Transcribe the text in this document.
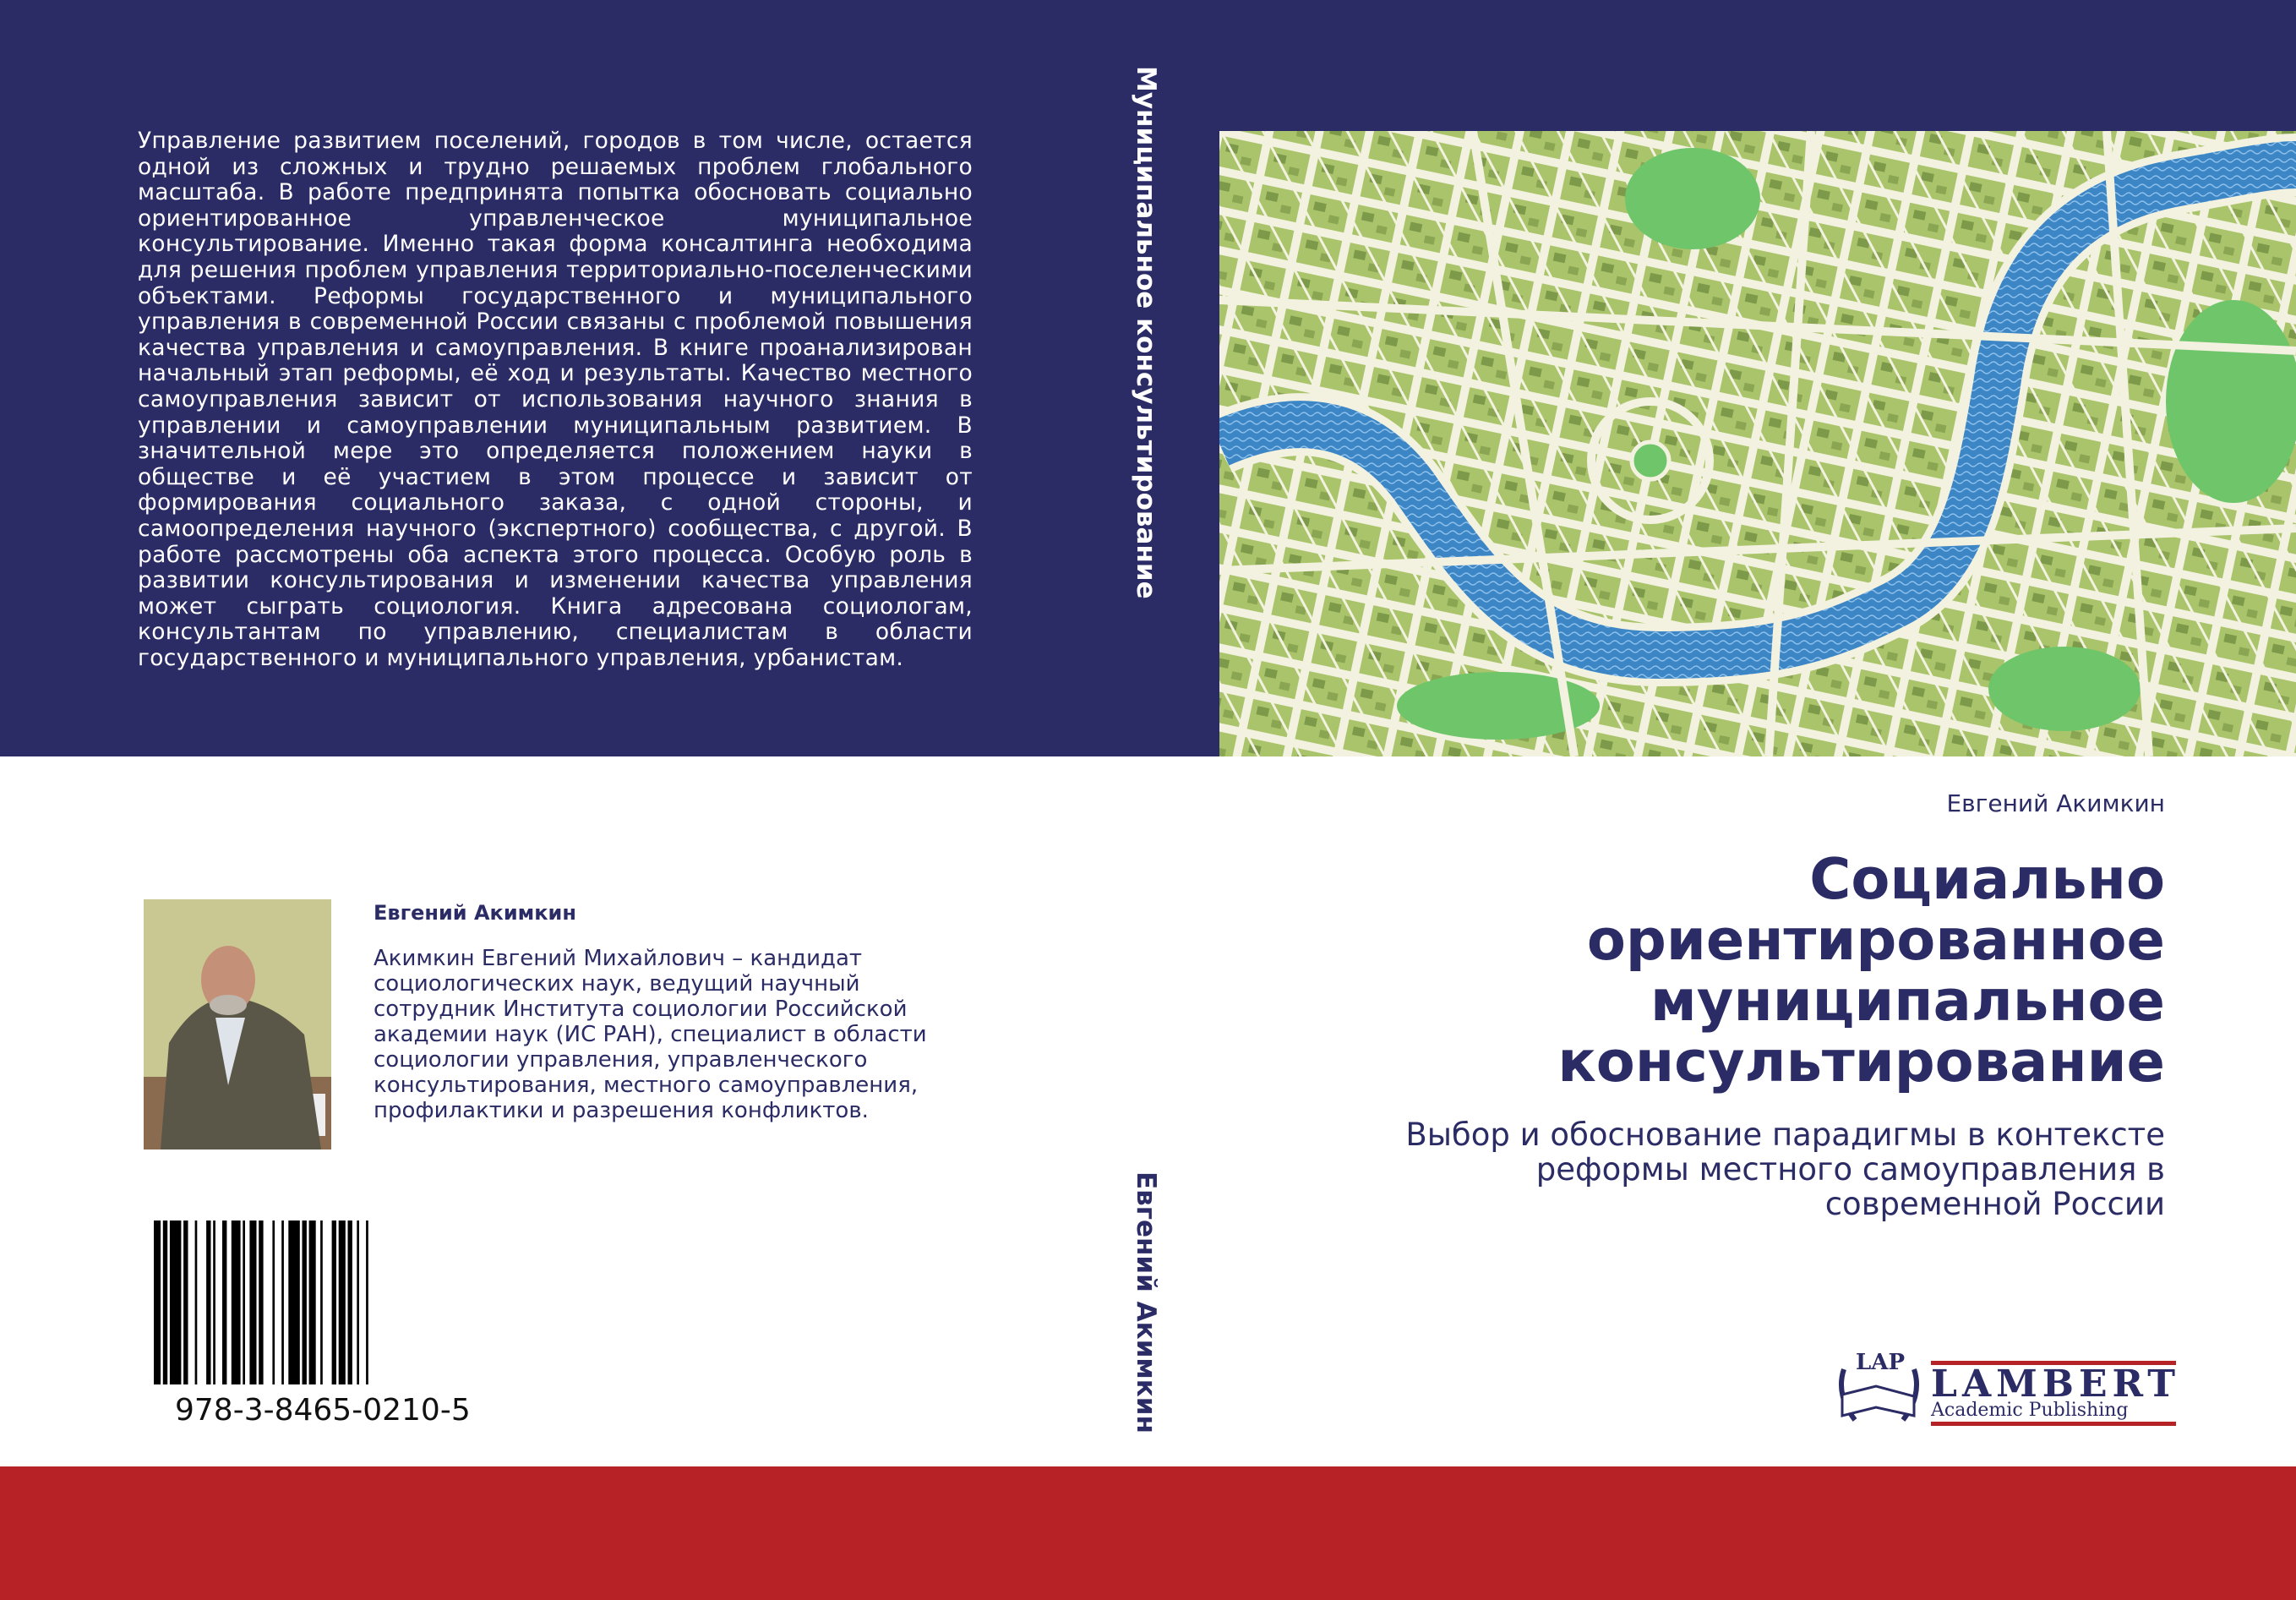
Управление развитием поселений, городов в том числе, остается одной из сложных и трудно решаемых проблем глобального масштаба. В работе предпринята попытка обосновать социально ориентированное управленческое муниципальное консультирование. Именно такая форма консалтинга необходима для решения проблем управления территориально-поселенческими объектами. Реформы государственного и муниципального управления в современной России связаны с проблемой повышения качества управления и самоуправления. В книге проанализирован начальный этап реформы, её ход и результаты. Качество местного самоуправления зависит от использования научного знания в управлении и самоуправлении муниципальным развитием. В значительной мере это определяется положением науки в обществе и её участием в этом процессе и зависит от формирования социального заказа, с одной стороны, и самоопределения научного (экспертного) сообщества, с другой. В работе рассмотрены оба аспекта этого процесса. Особую роль в развитии консультирования и изменении качества управления может сыграть социология. Книга адресована социологам, консультантам по управлению, специалистам в области государственного и муниципального управления, урбанистам.
Муниципальное консультирование
Евгений Акимкин
Евгений Акимкин
Акимкин Евгений Михайлович – кандидат социологических наук, ведущий научный сотрудник Института социологии Российской академии наук (ИС РАН), специалист в области социологии управления, управленческого консультирования, местного самоуправления, профилактики и разрешения конфликтов.
978-3-8465-0210-5
Евгений Акимкин
Социально
ориентированное
муниципальное
консультирование
Выбор и обоснование парадигмы в контексте
реформы местного самоуправления в
современной России
LAP LAMBERT
Academic Publishing
